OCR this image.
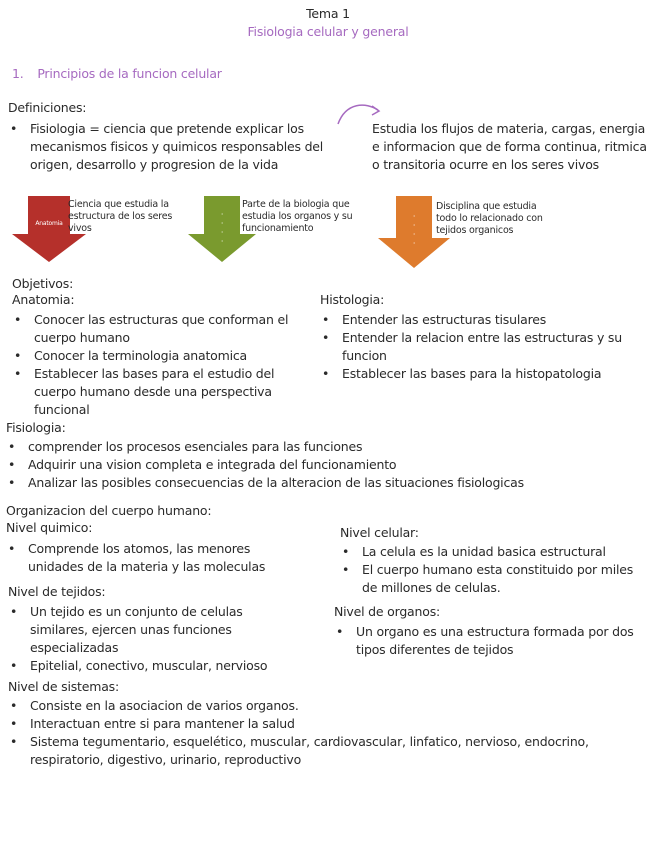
Tema 1
Fisiologia celular y general
1. Principios de la funcion celular
Definiciones:
• Fisiologia = ciencia que pretende explicar los mecanismos fisicos y quimicos responsables del origen, desarrollo y progresion de la vida
Estudia los flujos de materia, cargas, energia e informacion que de forma continua, ritmica o transitoria ocurre en los seres vivos
Anatomia
Ciencia que estudia la estructura de los seres vivos
·
·
·
·
Parte de la biologia que estudia los organos y su funcionamiento
·
·
·
·
Disciplina que estudia todo lo relacionado con tejidos organicos
Objetivos:
Anatomia:
• Conocer las estructuras que conforman el cuerpo humano
• Conocer la terminologia anatomica
• Establecer las bases para el estudio del cuerpo humano desde una perspectiva funcional
Histologia:
• Entender las estructuras tisulares
• Entender la relacion entre las estructuras y su funcion
• Establecer las bases para la histopatologia
Fisiologia:
• comprender los procesos esenciales para las funciones
• Adquirir una vision completa e integrada del funcionamiento
• Analizar las posibles consecuencias de la alteracion de las situaciones fisiologicas
Organizacion del cuerpo humano:
Nivel quimico:
• Comprende los atomos, las menores unidades de la materia y las moleculas
Nivel celular:
• La celula es la unidad basica estructural
• El cuerpo humano esta constituido por miles de millones de celulas.
Nivel de tejidos:
• Un tejido es un conjunto de celulas similares, ejercen unas funciones especializadas
• Epitelial, conectivo, muscular, nervioso
Nivel de organos:
• Un organo es una estructura formada por dos tipos diferentes de tejidos
Nivel de sistemas:
• Consiste en la asociacion de varios organos.
• Interactuan entre si para mantener la salud
• Sistema tegumentario, esquelético, muscular, cardiovascular, linfatico, nervioso, endocrino, respiratorio, digestivo, urinario, reproductivo
